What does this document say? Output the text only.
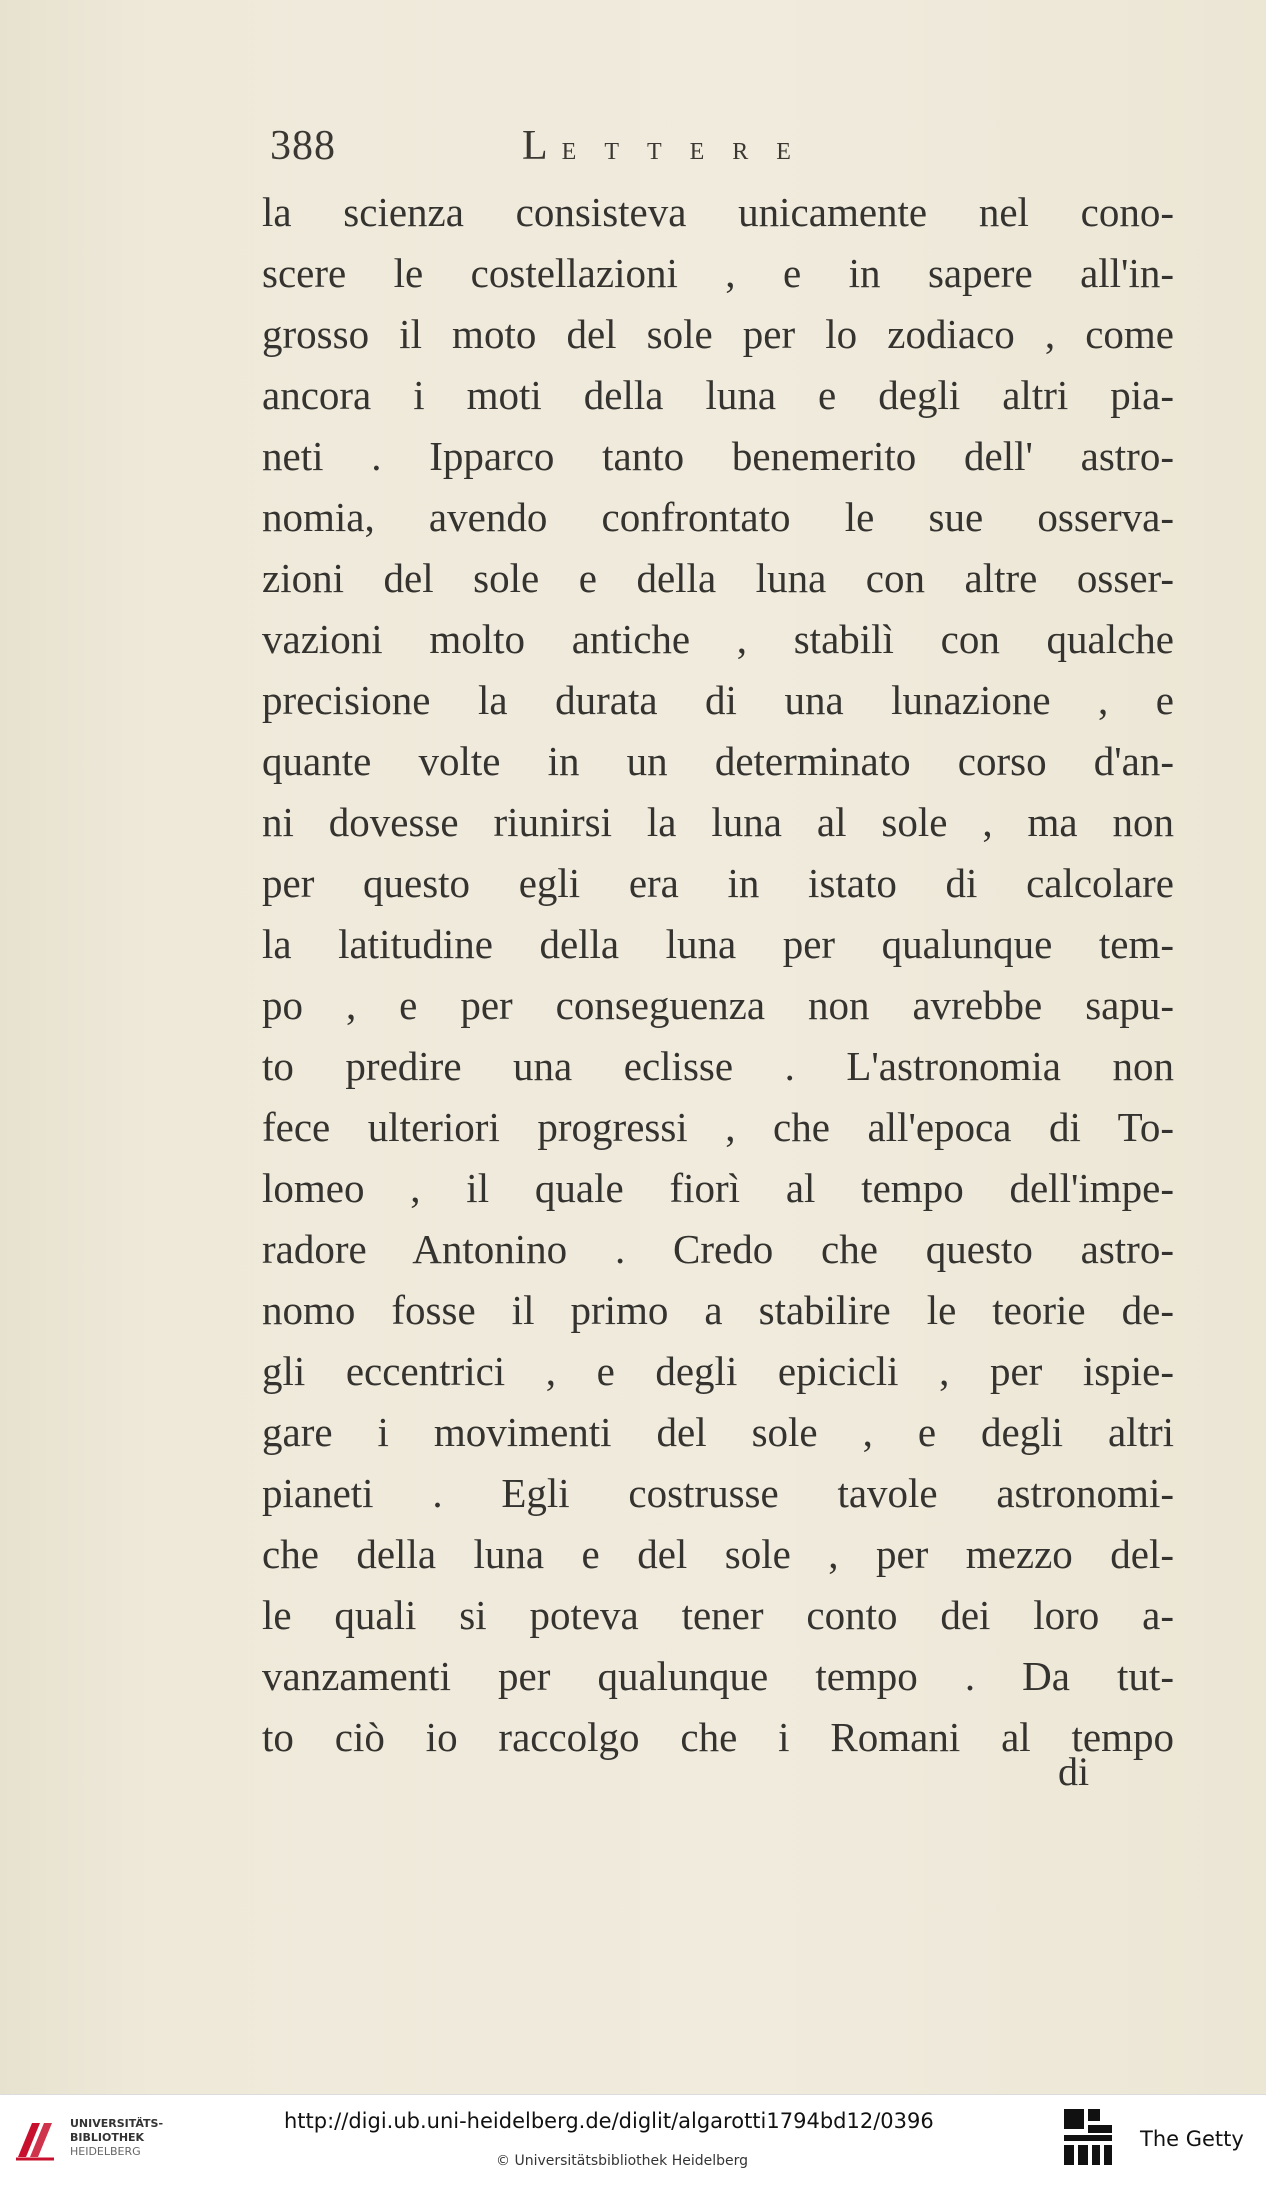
388	LETTERE
la scienza consisteva unicamente nel cono-
scere le costellazioni , e in sapere all'in-
grosso il moto del sole per lo zodiaco , come
ancora i moti della luna e degli altri pia-
neti . Ipparco tanto benemerito dell' astro-
nomia, avendo confrontato le sue osserva-
zioni del sole e della luna con altre osser-
vazioni molto antiche , stabilì con qualche
precisione la durata di una lunazione , e
quante volte in un determinato corso d'an-
ni dovesse riunirsi la luna al sole , ma non
per questo egli era in istato di calcolare
la latitudine della luna per qualunque tem-
po , e per conseguenza non avrebbe sapu-
to predire una eclisse . L'astronomia non
fece ulteriori progressi , che all'epoca di To-
lomeo , il quale fiorì al tempo dell'impe-
radore Antonino . Credo che questo astro-
nomo fosse il primo a stabilire le teorie de-
gli eccentrici , e degli epicicli , per ispie-
gare i movimenti del sole , e degli altri
pianeti . Egli costrusse tavole astronomi-
che della luna e del sole , per mezzo del-
le quali si poteva tener conto dei loro a-
vanzamenti per qualunque tempo . Da tut-
to ciò io raccolgo che i Romani al tempo
di
UNIVERSITÄTS-
BIBLIOTHEK
HEIDELBERG
http://digi.ub.uni-heidelberg.de/diglit/algarotti1794bd12/0396
© Universitätsbibliothek Heidelberg
The Getty
